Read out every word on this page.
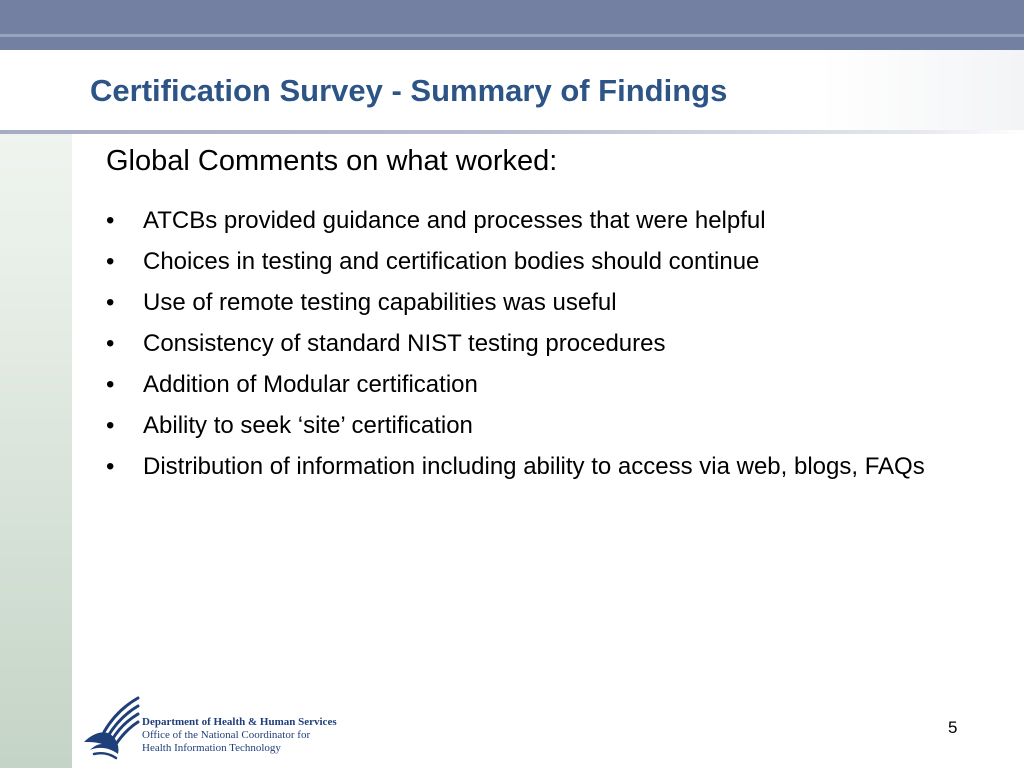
Certification Survey - Summary of Findings
Global Comments on what worked:
•	ATCBs provided guidance and processes that were helpful
•	Choices in testing and certification bodies should continue
•	Use of remote testing capabilities was useful
•	Consistency of standard NIST testing procedures
•	Addition of Modular certification
•	Ability to seek ‘site’ certification
•	Distribution of information including ability to access via web, blogs, FAQs
Department of Health & Human Services
Office of the National Coordinator for
Health Information Technology
5
